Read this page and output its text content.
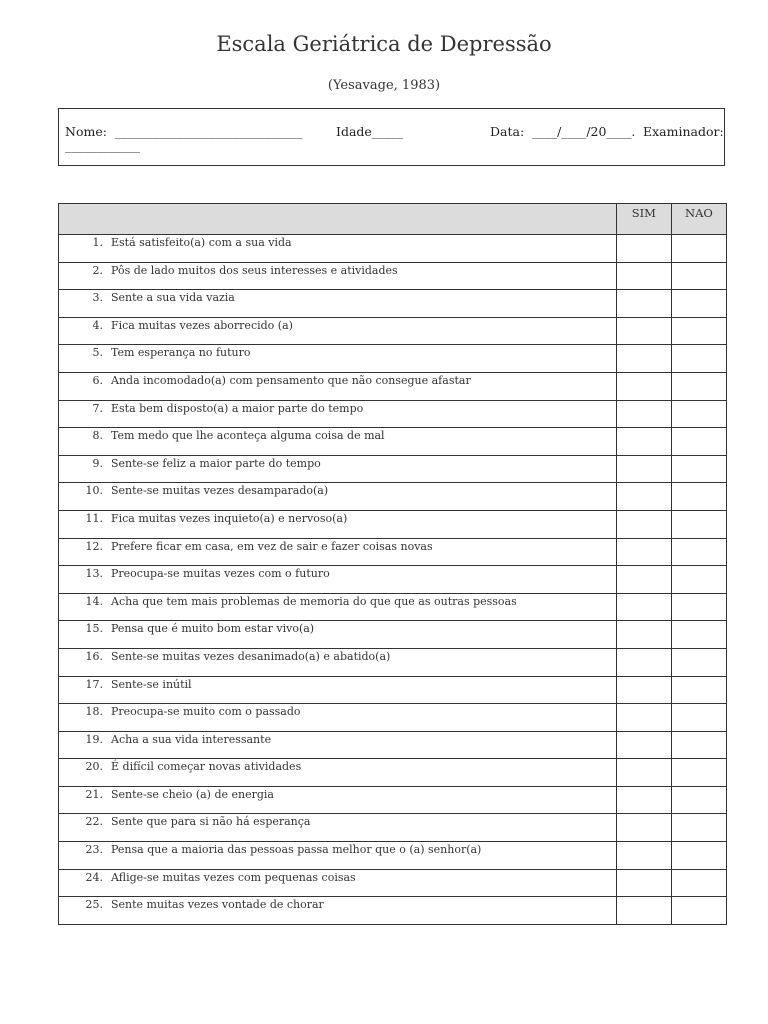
Escala Geriátrica de Depressão
(Yesavage, 1983)
Nome:  ______________________________	Idade_____	Data:  ____/____/20____. Examinador:
____________
	SIM	NAO
1.Está satisfeito(a) com a sua vida		
2. Pôs de lado muitos dos seus interesses e atividades		
3. Sente a sua vida vazia		
4. Fica muitas vezes aborrecido (a)		
5. Tem esperança no futuro		
6. Anda incomodado(a) com pensamento que não consegue afastar		
7. Esta bem disposto(a) a maior parte do tempo		
8. Tem medo que lhe aconteça alguma coisa de mal		
9. Sente-se feliz a maior parte do tempo		
10. Sente-se muitas vezes desamparado(a)		
11. Fica muitas vezes inquieto(a) e nervoso(a)		
12. Prefere ficar em casa, em vez de sair e fazer coisas novas		
13. Preocupa-se muitas vezes com o futuro		
14. Acha que tem mais problemas de memoria do que que as outras pessoas		
15. Pensa que é muito bom estar vivo(a)		
16. Sente-se muitas vezes desanimado(a) e abatido(a)		
17. Sente-se inútil		
18. Preocupa-se muito com o passado		
19. Acha a sua vida interessante		
20. É difícil começar novas atividades		
21. Sente-se cheio (a) de energia		
22. Sente que para si não há esperança		
23. Pensa que a maioria das pessoas passa melhor que o (a) senhor(a)		
24. Aflige-se muitas vezes com pequenas coisas		
25. Sente muitas vezes vontade de chorar		
